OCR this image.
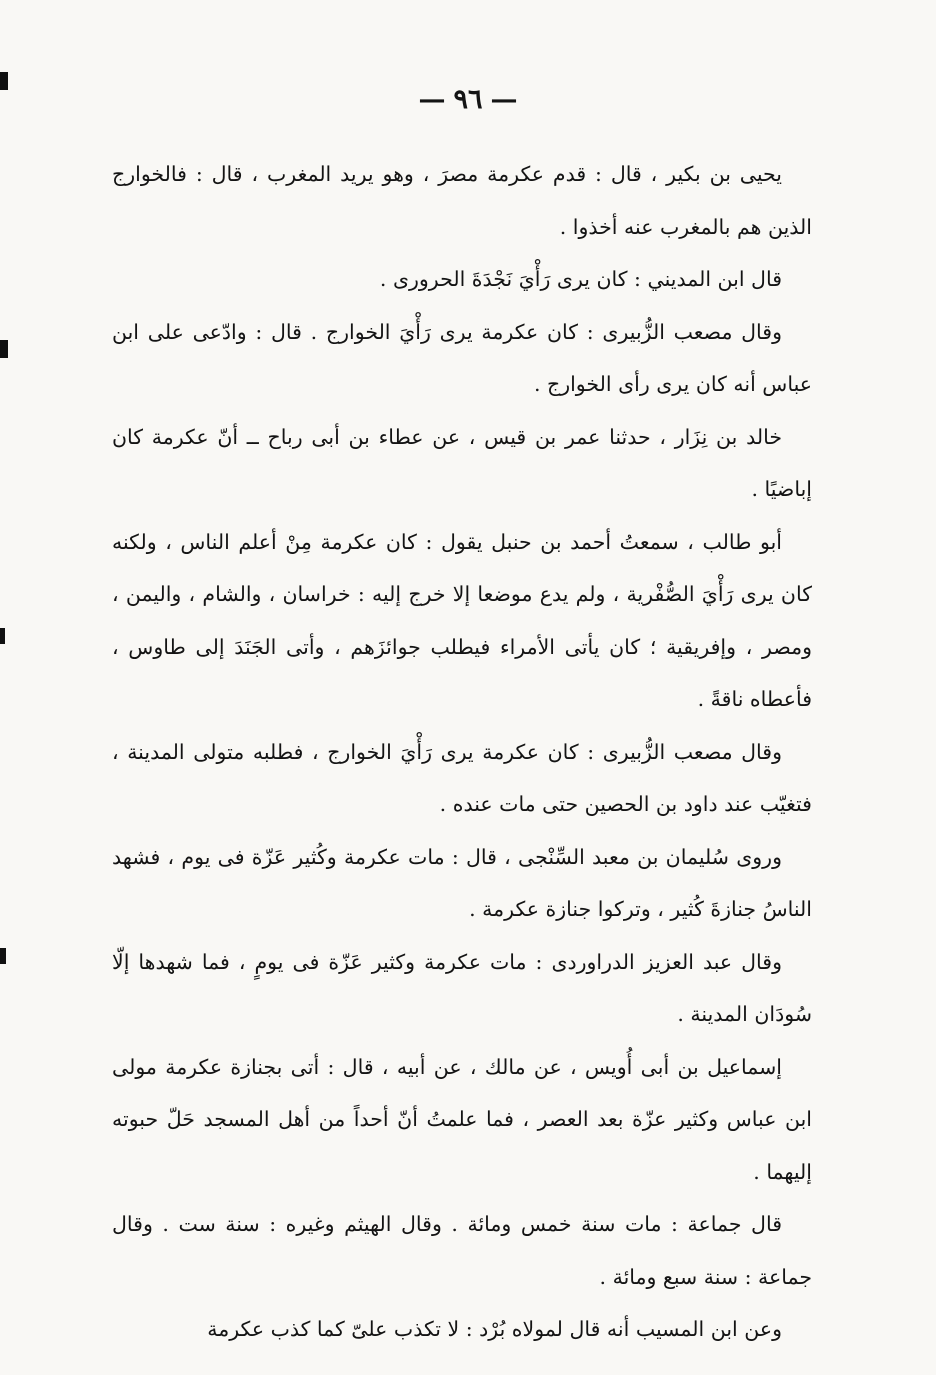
—٩٦—

يحيى بن بكير ، قال : قدم عكرمة مصرَ ، وهو يريد المغرب ، قال : فالخوارج الذين هم بالمغرب عنه أخذوا .

قال ابن المديني : كان يرى رَأْيَ نَجْدَةَ الحرورى .

وقال مصعب الزُّبيرى : كان عكرمة يرى رَأْيَ الخوارج . قال : وادّعى على ابن عباس أنه كان يرى رأى الخوارج .

خالد بن نِزَار ، حدثنا عمر بن قيس ، عن عطاء بن أبى رباح ــ أنّ عكرمة كان إباضيًا .

أبو طالب ، سمعتُ أحمد بن حنبل يقول : كان عكرمة مِنْ أعلم الناس ، ولكنه كان يرى رَأْيَ الصُّفْرية ، ولم يدع موضعا إلا خرج إليه : خراسان ، والشام ، واليمن ، ومصر ، وإفريقية ؛ كان يأتى الأمراء فيطلب جوائزَهم ، وأتى الجَنَدَ إلى طاوس ، فأعطاه ناقةً .

وقال مصعب الزُّبيرى : كان عكرمة يرى رَأْيَ الخوارج ، فطلبه متولى المدينة ، فتغيّب عند داود بن الحصين حتى مات عنده .

وروى سُليمان بن معبد السِّنْجى ، قال : مات عكرمة وكُثير عَزّة فى يوم ، فشهد الناسُ جنازةَ كُثير ، وتركوا جنازة عكرمة .

وقال عبد العزيز الدراوردى : مات عكرمة وكثير عَزّة فى يومٍ ، فما شهدها إلّا سُودَان المدينة .

إسماعيل بن أبى أُويس ، عن مالك ، عن أبيه ، قال : أتى بجنازة عكرمة مولى ابن عباس وكثير عزّة بعد العصر ، فما علمتُ أنّ أحداً من أهل المسجد حَلّ حبوته إليهما .

قال جماعة : مات سنة خمس ومائة . وقال الهيثم وغيره : سنة ست . وقال جماعة : سنة سبع ومائة .

وعن ابن المسيب أنه قال لمولاه بُرْد : لا تكذب علىّ كما كذب عكرمة
